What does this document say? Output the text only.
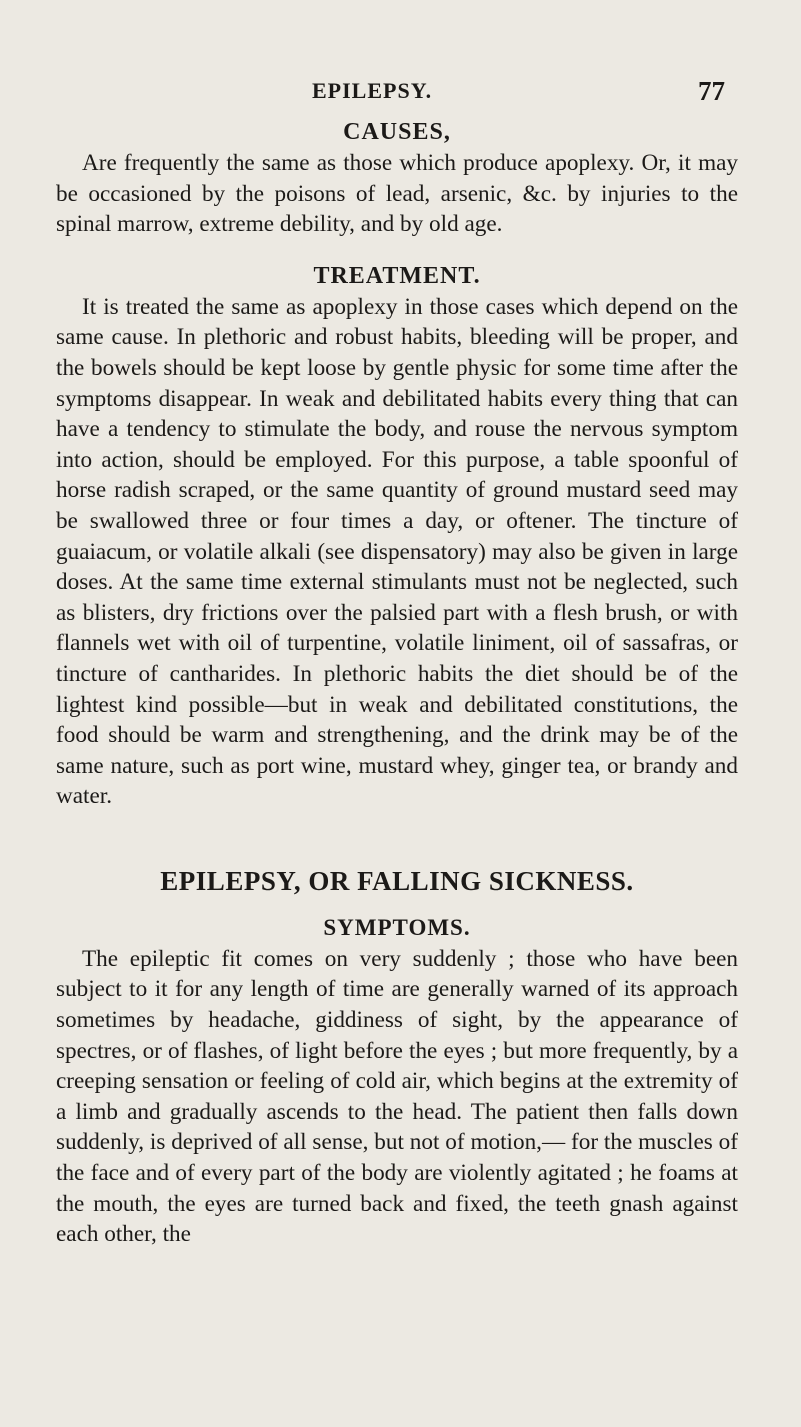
EPILEPSY.	77
CAUSES,

Are frequently the same as those which produce apoplexy. Or, it may be occasioned by the poisons of lead, arsenic, &c. by injuries to the spinal marrow, extreme debility, and by old age.

TREATMENT.

It is treated the same as apoplexy in those cases which depend on the same cause. In plethoric and robust habits, bleeding will be proper, and the bowels should be kept loose by gentle physic for some time after the symptoms disappear. In weak and debilitated habits every thing that can have a tendency to stimulate the body, and rouse the nervous symptom into action, should be employed. For this purpose, a table spoonful of horse radish scraped, or the same quantity of ground mustard seed may be swallowed three or four times a day, or oftener. The tincture of guaiacum, or volatile alkali (see dispensatory) may also be given in large doses. At the same time external stimulants must not be neglected, such as blisters, dry frictions over the palsied part with a flesh brush, or with flannels wet with oil of turpentine, volatile liniment, oil of sassafras, or tincture of cantharides. In plethoric habits the diet should be of the lightest kind possible—but in weak and debilitated constitutions, the food should be warm and strengthening, and the drink may be of the same nature, such as port wine, mustard whey, ginger tea, or brandy and water.

EPILEPSY, OR FALLING SICKNESS.
SYMPTOMS.

The epileptic fit comes on very suddenly ; those who have been subject to it for any length of time are generally warned of its approach sometimes by headache, giddiness of sight, by the appearance of spectres, or of flashes, of light before the eyes ; but more frequently, by a creeping sensation or feeling of cold air, which begins at the extremity of a limb and gradually ascends to the head. The patient then falls down suddenly, is deprived of all sense, but not of motion,— for the muscles of the face and of every part of the body are violently agitated ; he foams at the mouth, the eyes are turned back and fixed, the teeth gnash against each other, the
